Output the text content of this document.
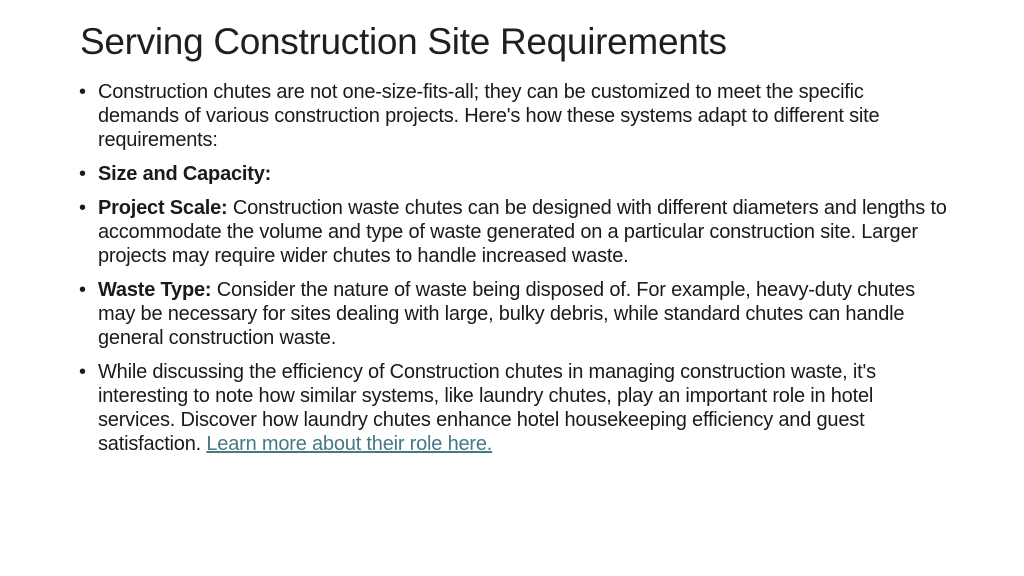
Serving Construction Site Requirements
• Construction chutes are not one-size-fits-all; they can be customized to meet the specific demands of various construction projects. Here's how these systems adapt to different site requirements:
• Size and Capacity:
• Project Scale: Construction waste chutes can be designed with different diameters and lengths to accommodate the volume and type of waste generated on a particular construction site. Larger projects may require wider chutes to handle increased waste.
• Waste Type: Consider the nature of waste being disposed of. For example, heavy-duty chutes may be necessary for sites dealing with large, bulky debris, while standard chutes can handle general construction waste.
• While discussing the efficiency of Construction chutes in managing construction waste, it's interesting to note how similar systems, like laundry chutes, play an important role in hotel services. Discover how laundry chutes enhance hotel housekeeping efficiency and guest satisfaction. Learn more about their role here.
